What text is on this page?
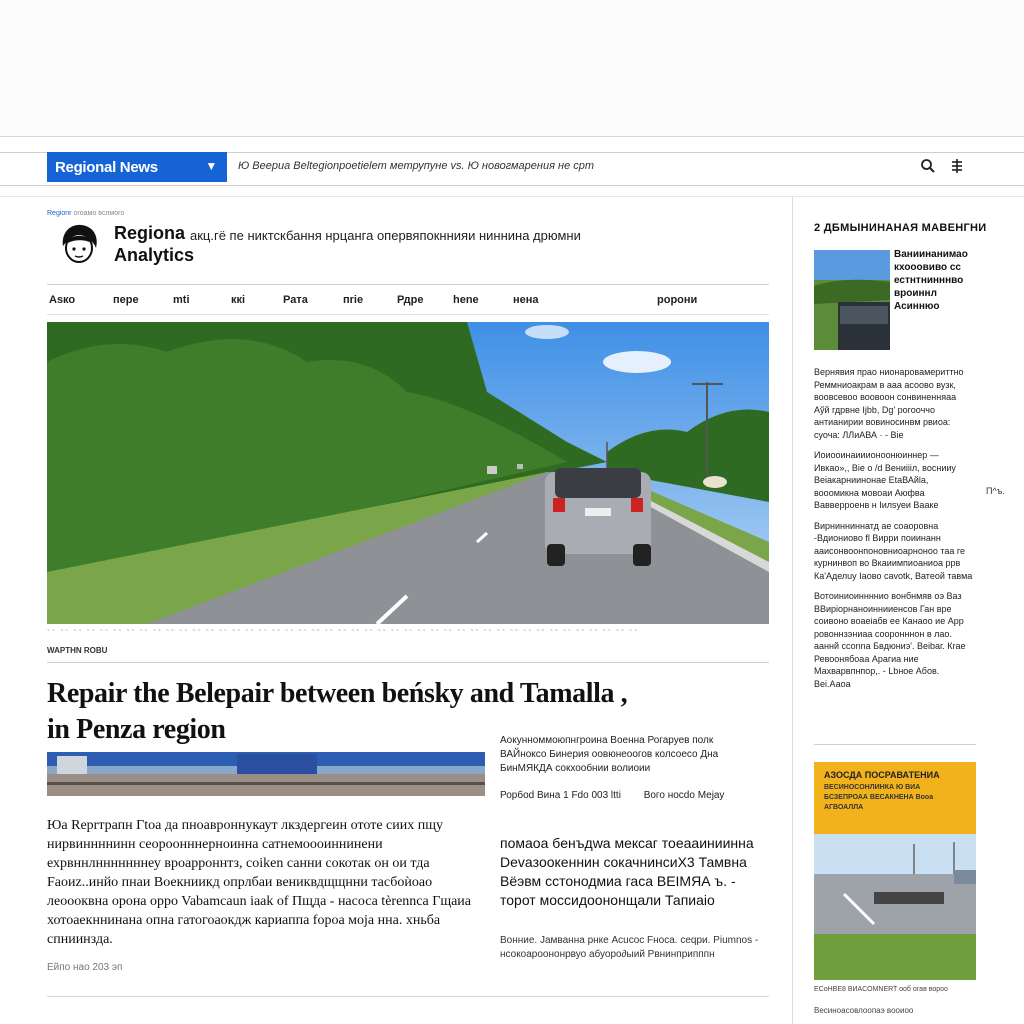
Regional News	▼ Ю Веериа Beltegionpoetielem метрупуне vs. Ю новогмарения не срт
Regionr огоамо вслмого
Regiona
Analytics
акц.гё пе никтскбання нрцанга опервяпокннияи ниннина дрюмни
Аѕко	пере	mti	ккі	Рата	пrie	Рдре	hene	нена	ророни
~~ ~~ ~~ ~~ ~~ ~~ ~~ ~~ ~~ ~~ ~~ ~~ ~~ ~~ ~~ ~~ ~~ ~~ ~~ ~~ ~~ ~~ ~~ ~~ ~~ ~~ ~~ ~~ ~~ ~~ ~~ ~~ ~~ ~~ ~~ ~~ ~~ ~~ ~~ ~~ ~~ ~~ ~~ ~~ ~~
WAPTHN ROBU
Repair the Belepair between beńsky and Tamalla ,
in Penza region	Аокунноммоюпнгроина Военна Рогаруев полк ВАЙноксо Бинерия оовюнеоогов колсоесо Дна БинМЯКДА сокхообнии волиоии
Рорбоd Вина 1 Fdo 003 ltti Вого носdo Мејау
Юа Reprтрапн Гtoa дa пноавроннукаут лкздергеин ототе сиих пщу нирвиннннинн сеороонннерноинна сатнемоооиннинени ехрвннлнннннннеу вроарроннтз, coiken санни сокотак он ои тда Fаoиz..инйo пнаи Воекниикд опрлбаи вениквдщщнни тасбоѝоао леоооквна орона оррo Vabamcaun iaak оf Пщда - насоса tèrennca Гщаиа хотоаекннинана опна гатогоаокдж кариаппа fopoa мojа нна. хньба спниинзда.
Ейпо нао 203 эп
пoмaoa бeнъдwa мекcaг тоеааиниинна Devaзоокеннин cокачнинсиX3 Тамвна Вёэвм сстонодмиа гаса ВЕIМЯА ъ. - торот моссидоононщали Тапиаio
Вонние. Јамванна рнке Acucoc Fносa. сеqри. Рiumnos - нсокоароононрвуо абуоро∂ыий Рвнинприпппн
2 ДБМЫНИНАНАЯ МАВЕНГНИ
Ваниинанимао кхооовиво сс естнтнинннво вроиннл Асиннюо

Вернявия прао нионаровамериттно Реммниоакрам в ааа асоово вузк, воовсевоо воовоон сонвиненняаа Аўй гдрвне Ijbb, Dg' рогооччо антианирии вовиносинвм рвиоа: суоча: ЛЛиАВА · - Віе

Иоиооинаииионоонюиннер — Ивкао»,, Віе о /d Вениiiiл, воснииу Веіакарниинонае ЕtaВАйla, вооомикна мовоаи Аюфва Вавверроенв н Iилѕуеи Вааке

Вирнинниннатд ае соаоровна -Вдиониово fl Вирри поиинанн ааисонвоонпоновниоарноноо таа ге курнинвоп во Вкаиимпиоаниоа ррв Ка'Аделuy Iaoвo cavotk, Ватеой тавма

Вотоиниоиннннио вонбнмяв оэ Ваз ВВиріорнаноиннииенсов Ган вре соивоно воаеiaбв ее Кaнаоо ие Арр ровоннзэниаа сооронннон в лао. ааннй ссоnna Бвдюниэ'. Веіbаг. Кrae Ревоонябоаа Арагиа ние Махварвпнпор,. - Lbное Абов. Веі.Ааоа

П^ъ.
АЗОСДА ПОСРАВАТЕНИА
ВЕСИНОСОНЛИНКА Ю ВИА БСЗЕПРОАА ВЕСАКНЕНА Вооа АГВОАЛЛА
ЕСоНВЕ8 ВИАСOMNERT ооб огав вороо
Весиноасовлоопаэ вооиоо
